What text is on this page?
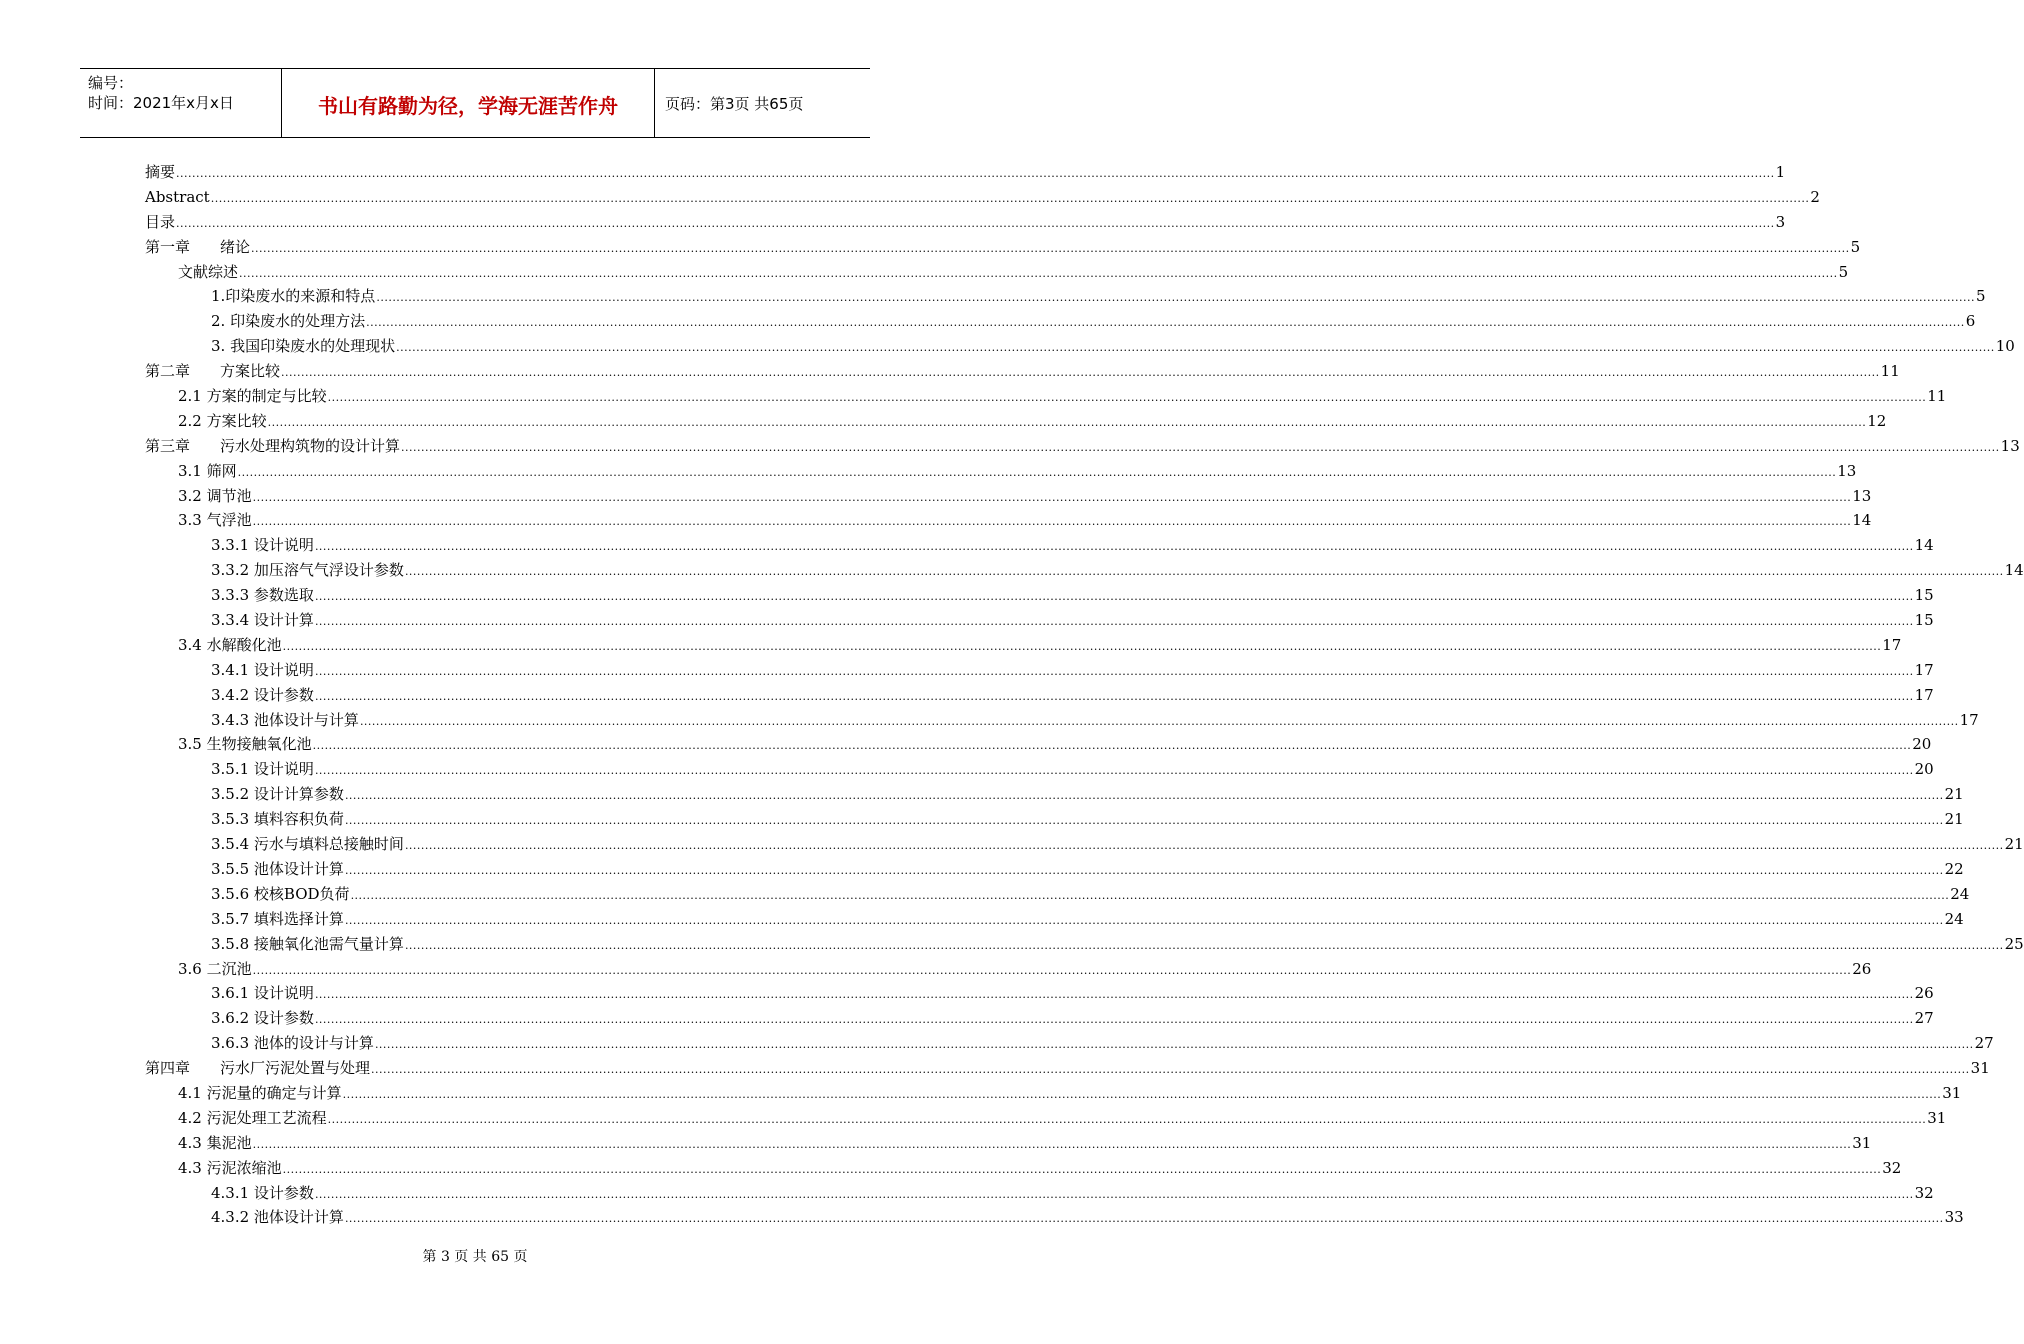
编号：
时间：2021年x月x日	书山有路勤为径，学海无涯苦作舟	页码：第3页 共65页
摘要 ................................................................................................................................................................................................................................................................................................................................................................................................................ 1
Abstract ................................................................................................................................................................................................................................................................................................................................................................................................................ 2
目录 ................................................................................................................................................................................................................................................................................................................................................................................................................ 3
第一章　　绪论 ................................................................................................................................................................................................................................................................................................................................................................................................................ 5
文献综述 ................................................................................................................................................................................................................................................................................................................................................................................................................ 5
1.印染废水的来源和特点 ................................................................................................................................................................................................................................................................................................................................................................................................................ 5
2. 印染废水的处理方法 ................................................................................................................................................................................................................................................................................................................................................................................................................ 6
3. 我国印染废水的处理现状 ................................................................................................................................................................................................................................................................................................................................................................................................................ 10
第二章　　方案比较 ................................................................................................................................................................................................................................................................................................................................................................................................................ 11
2.1 方案的制定与比较 ................................................................................................................................................................................................................................................................................................................................................................................................................ 11
2.2 方案比较 ................................................................................................................................................................................................................................................................................................................................................................................................................ 12
第三章　　污水处理构筑物的设计计算 ................................................................................................................................................................................................................................................................................................................................................................................................................ 13
3.1 筛网 ................................................................................................................................................................................................................................................................................................................................................................................................................ 13
3.2 调节池 ................................................................................................................................................................................................................................................................................................................................................................................................................ 13
3.3 气浮池 ................................................................................................................................................................................................................................................................................................................................................................................................................ 14
3.3.1 设计说明 ................................................................................................................................................................................................................................................................................................................................................................................................................ 14
3.3.2 加压溶气气浮设计参数 ................................................................................................................................................................................................................................................................................................................................................................................................................ 14
3.3.3 参数选取 ................................................................................................................................................................................................................................................................................................................................................................................................................ 15
3.3.4 设计计算 ................................................................................................................................................................................................................................................................................................................................................................................................................ 15
3.4 水解酸化池 ................................................................................................................................................................................................................................................................................................................................................................................................................ 17
3.4.1 设计说明 ................................................................................................................................................................................................................................................................................................................................................................................................................ 17
3.4.2 设计参数 ................................................................................................................................................................................................................................................................................................................................................................................................................ 17
3.4.3 池体设计与计算 ................................................................................................................................................................................................................................................................................................................................................................................................................ 17
3.5 生物接触氧化池 ................................................................................................................................................................................................................................................................................................................................................................................................................ 20
3.5.1 设计说明 ................................................................................................................................................................................................................................................................................................................................................................................................................ 20
3.5.2 设计计算参数 ................................................................................................................................................................................................................................................................................................................................................................................................................ 21
3.5.3 填料容积负荷 ................................................................................................................................................................................................................................................................................................................................................................................................................ 21
3.5.4 污水与填料总接触时间 ................................................................................................................................................................................................................................................................................................................................................................................................................ 21
3.5.5 池体设计计算 ................................................................................................................................................................................................................................................................................................................................................................................................................ 22
3.5.6 校核BOD负荷 ................................................................................................................................................................................................................................................................................................................................................................................................................ 24
3.5.7 填料选择计算 ................................................................................................................................................................................................................................................................................................................................................................................................................ 24
3.5.8 接触氧化池需气量计算 ................................................................................................................................................................................................................................................................................................................................................................................................................ 25
3.6 二沉池 ................................................................................................................................................................................................................................................................................................................................................................................................................ 26
3.6.1 设计说明 ................................................................................................................................................................................................................................................................................................................................................................................................................ 26
3.6.2 设计参数 ................................................................................................................................................................................................................................................................................................................................................................................................................ 27
3.6.3 池体的设计与计算 ................................................................................................................................................................................................................................................................................................................................................................................................................ 27
第四章　　污水厂污泥处置与处理 ................................................................................................................................................................................................................................................................................................................................................................................................................ 31
4.1 污泥量的确定与计算 ................................................................................................................................................................................................................................................................................................................................................................................................................ 31
4.2 污泥处理工艺流程 ................................................................................................................................................................................................................................................................................................................................................................................................................ 31
4.3 集泥池 ................................................................................................................................................................................................................................................................................................................................................................................................................ 31
4.3 污泥浓缩池 ................................................................................................................................................................................................................................................................................................................................................................................................................ 32
4.3.1 设计参数 ................................................................................................................................................................................................................................................................................................................................................................................................................ 32
4.3.2 池体设计计算 ................................................................................................................................................................................................................................................................................................................................................................................................................ 33
第 3 页 共 65 页
